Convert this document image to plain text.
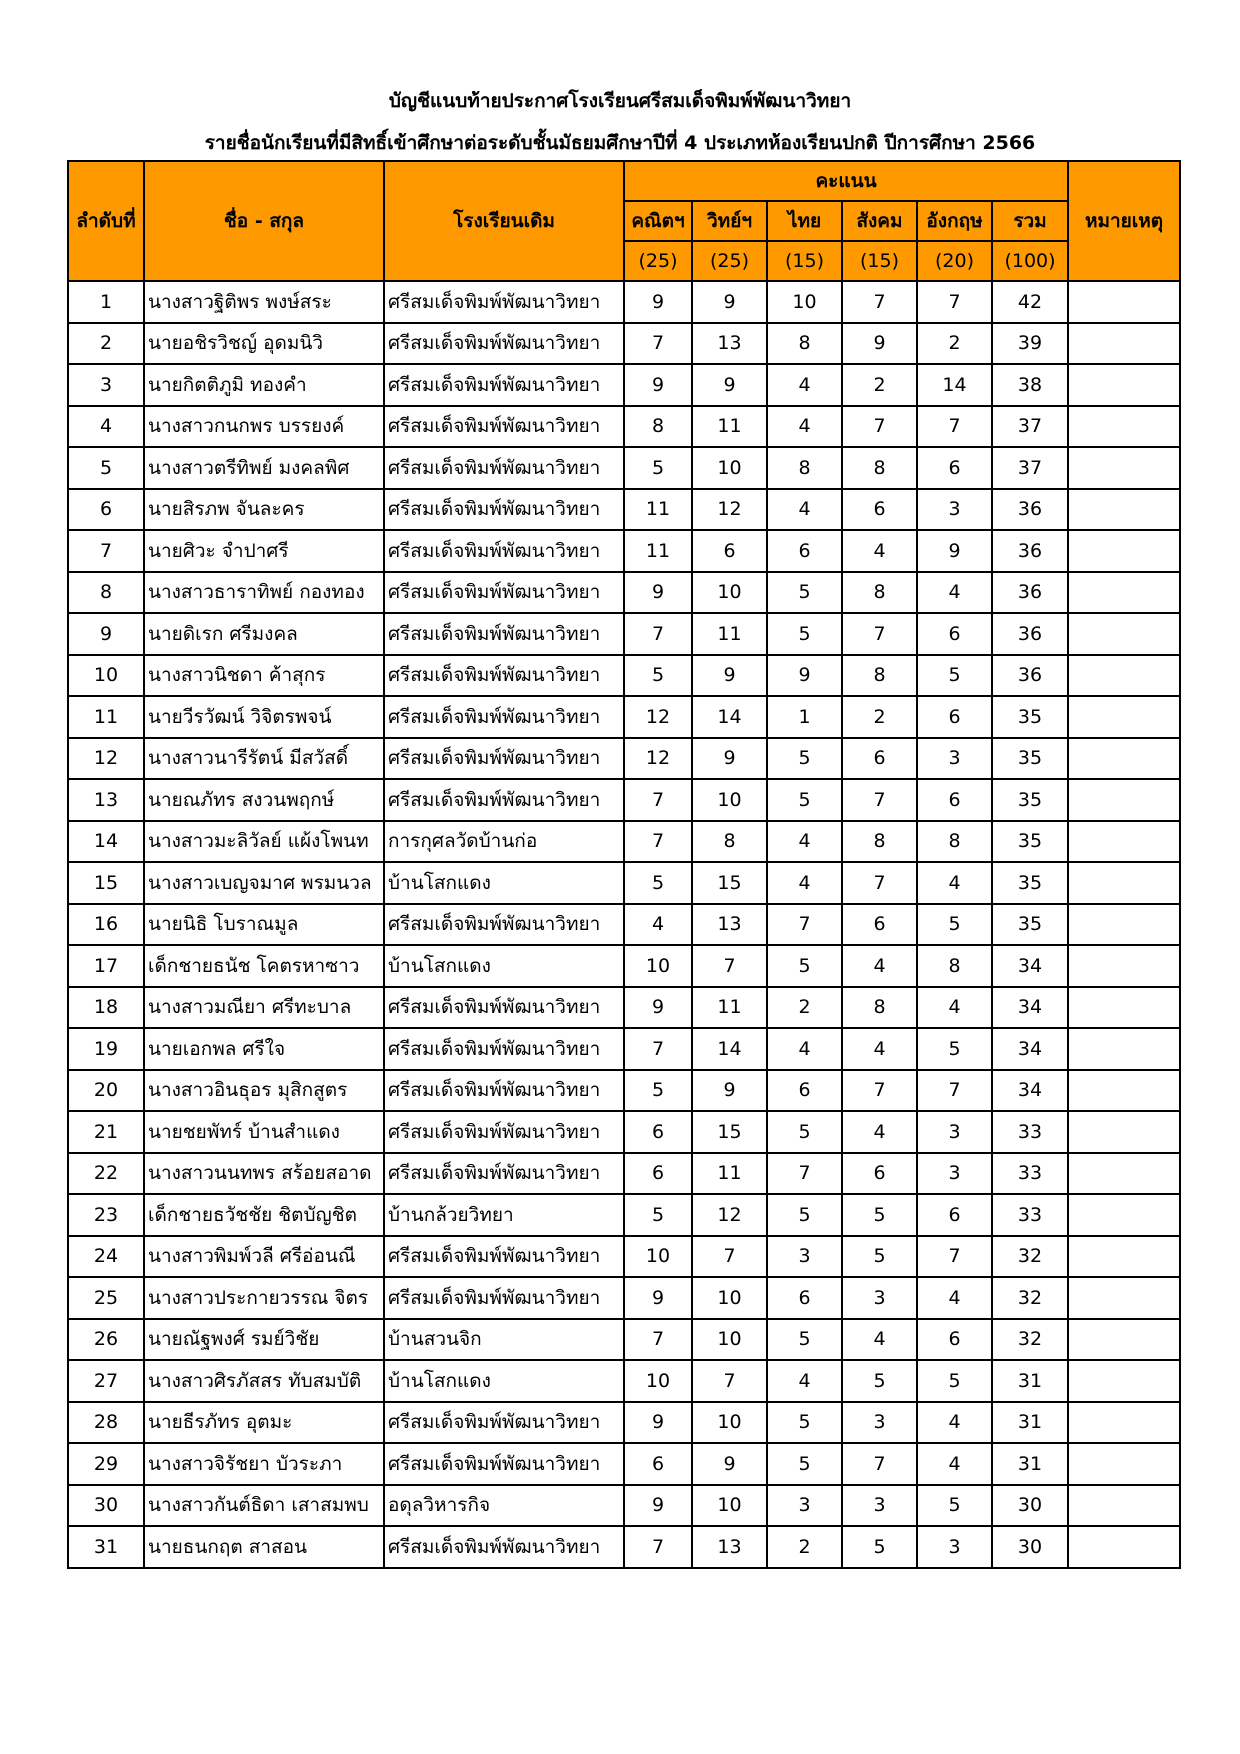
บัญชีแนบท้ายประกาศโรงเรียนศรีสมเด็จพิมพ์พัฒนาวิทยา
รายชื่อนักเรียนที่มีสิทธิ์เข้าศึกษาต่อระดับชั้นมัธยมศึกษาปีที่ 4 ประเภทห้องเรียนปกติ ปีการศึกษา 2566
ลำดับที่	ชื่อ - สกุล	โรงเรียนเดิม	คะแนน						หมายเหตุ
			คณิตฯ	วิทย์ฯ	ไทย	สังคม	อังกฤษ	รวม	
			(25)	(25)	(15)	(15)	(20)	(100)	
1	นางสาวฐิติพร พงษ์สระ	ศรีสมเด็จพิมพ์พัฒนาวิทยา	9	9	10	7	7	42	
2	นายอชิรวิชญ์ อุดมนิวิ	ศรีสมเด็จพิมพ์พัฒนาวิทยา	7	13	8	9	2	39	
3	นายกิตติภูมิ ทองคำ	ศรีสมเด็จพิมพ์พัฒนาวิทยา	9	9	4	2	14	38	
4	นางสาวกนกพร บรรยงค์	ศรีสมเด็จพิมพ์พัฒนาวิทยา	8	11	4	7	7	37	
5	นางสาวตรีทิพย์ มงคลพิศ	ศรีสมเด็จพิมพ์พัฒนาวิทยา	5	10	8	8	6	37	
6	นายสิรภพ จันละคร	ศรีสมเด็จพิมพ์พัฒนาวิทยา	11	12	4	6	3	36	
7	นายศิวะ จำปาศรี	ศรีสมเด็จพิมพ์พัฒนาวิทยา	11	6	6	4	9	36	
8	นางสาวธาราทิพย์ กองทอง	ศรีสมเด็จพิมพ์พัฒนาวิทยา	9	10	5	8	4	36	
9	นายดิเรก ศรีมงคล	ศรีสมเด็จพิมพ์พัฒนาวิทยา	7	11	5	7	6	36	
10	นางสาวนิชดา ค้าสุกร	ศรีสมเด็จพิมพ์พัฒนาวิทยา	5	9	9	8	5	36	
11	นายวีรวัฒน์ วิจิตรพจน์	ศรีสมเด็จพิมพ์พัฒนาวิทยา	12	14	1	2	6	35	
12	นางสาวนารีรัตน์ มีสวัสดิ์	ศรีสมเด็จพิมพ์พัฒนาวิทยา	12	9	5	6	3	35	
13	นายณภัทร สงวนพฤกษ์	ศรีสมเด็จพิมพ์พัฒนาวิทยา	7	10	5	7	6	35	
14	นางสาวมะลิวัลย์ แผ้งโพนท	การกุศลวัดบ้านก่อ	7	8	4	8	8	35	
15	นางสาวเบญจมาศ พรมนวล	บ้านโสกแดง	5	15	4	7	4	35	
16	นายนิธิ โบราณมูล	ศรีสมเด็จพิมพ์พัฒนาวิทยา	4	13	7	6	5	35	
17	เด็กชายธนัช โคตรหาซาว	บ้านโสกแดง	10	7	5	4	8	34	
18	นางสาวมณียา ศรีทะบาล	ศรีสมเด็จพิมพ์พัฒนาวิทยา	9	11	2	8	4	34	
19	นายเอกพล ศรีใจ	ศรีสมเด็จพิมพ์พัฒนาวิทยา	7	14	4	4	5	34	
20	นางสาวอินธุอร มุสิกสูตร	ศรีสมเด็จพิมพ์พัฒนาวิทยา	5	9	6	7	7	34	
21	นายชยพัทร์ บ้านสำแดง	ศรีสมเด็จพิมพ์พัฒนาวิทยา	6	15	5	4	3	33	
22	นางสาวนนทพร สร้อยสอาด	ศรีสมเด็จพิมพ์พัฒนาวิทยา	6	11	7	6	3	33	
23	เด็กชายธวัชชัย ชิตบัญชิต	บ้านกล้วยวิทยา	5	12	5	5	6	33	
24	นางสาวพิมพ์วลี ศรีอ่อนณี	ศรีสมเด็จพิมพ์พัฒนาวิทยา	10	7	3	5	7	32	
25	นางสาวประกายวรรณ จิตร	ศรีสมเด็จพิมพ์พัฒนาวิทยา	9	10	6	3	4	32	
26	นายณัฐพงศ์ รมย์วิชัย	บ้านสวนจิก	7	10	5	4	6	32	
27	นางสาวศิรภัสสร ทับสมบัติ	บ้านโสกแดง	10	7	4	5	5	31	
28	นายธีรภัทร อุตมะ	ศรีสมเด็จพิมพ์พัฒนาวิทยา	9	10	5	3	4	31	
29	นางสาวจิรัชยา บัวระภา	ศรีสมเด็จพิมพ์พัฒนาวิทยา	6	9	5	7	4	31	
30	นางสาวกันต์ธิดา เสาสมพบ	อดุลวิหารกิจ	9	10	3	3	5	30	
31	นายธนกฤต สาสอน	ศรีสมเด็จพิมพ์พัฒนาวิทยา	7	13	2	5	3	30	
